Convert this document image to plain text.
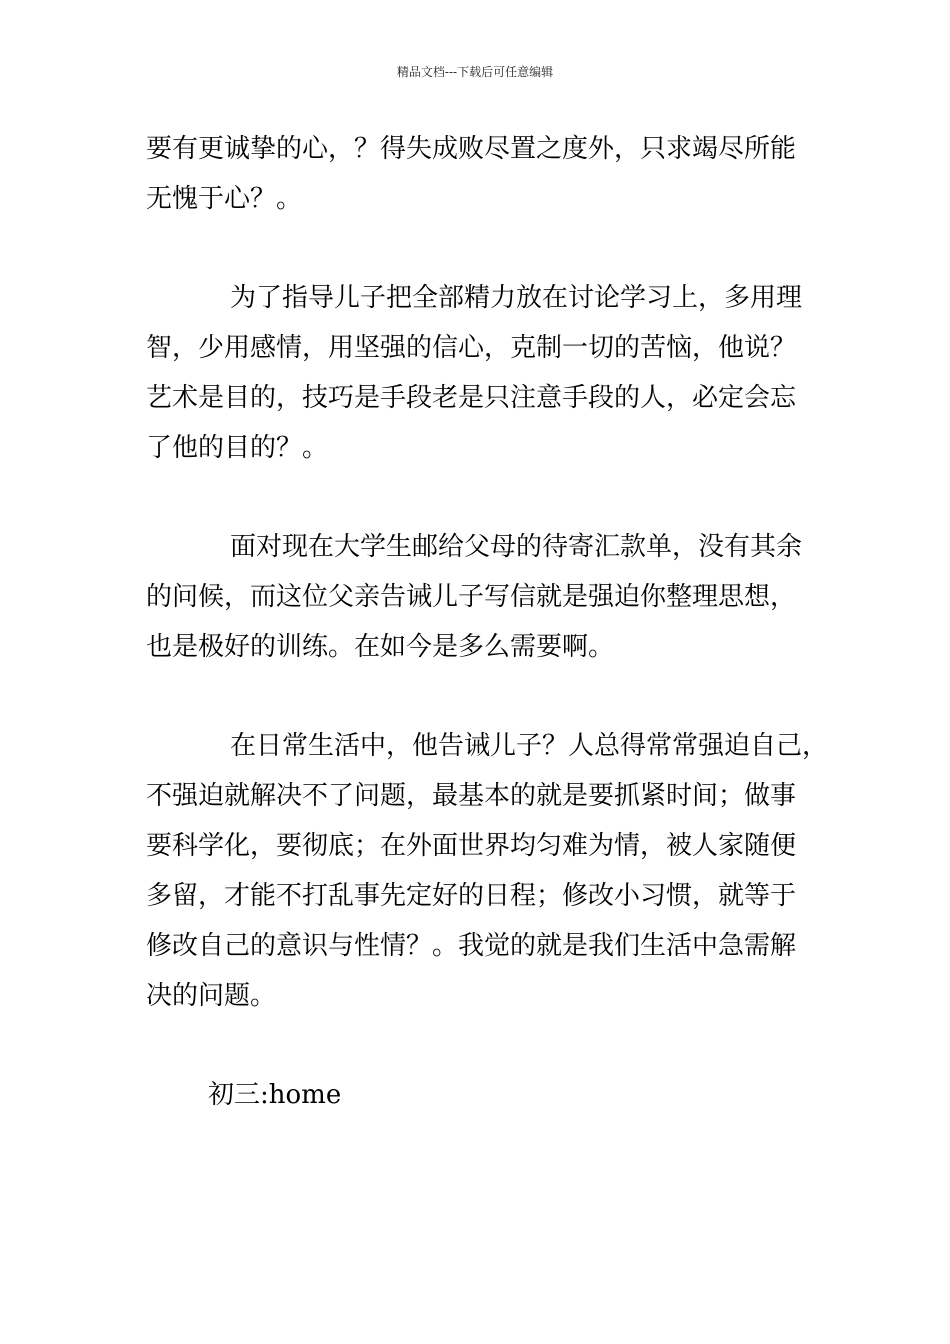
精品文档---下载后可任意编辑
要有更诚挚的心，？得失成败尽置之度外，只求竭尽所能
无愧于心？。
为了指导儿子把全部精力放在讨论学习上，多用理
智，少用感情，用坚强的信心，克制一切的苦恼，他说？
艺术是目的，技巧是手段老是只注意手段的人，必定会忘
了他的目的？。
面对现在大学生邮给父母的待寄汇款单，没有其余
的问候，而这位父亲告诫儿子写信就是强迫你整理思想，
也是极好的训练。在如今是多么需要啊。
在日常生活中，他告诫儿子？人总得常常强迫自己，
不强迫就解决不了问题，最基本的就是要抓紧时间；做事
要科学化，要彻底；在外面世界均匀难为情，被人家随便
多留，才能不打乱事先定好的日程；修改小习惯，就等于
修改自己的意识与性情？。我觉的就是我们生活中急需解
决的问题。
初三:home
